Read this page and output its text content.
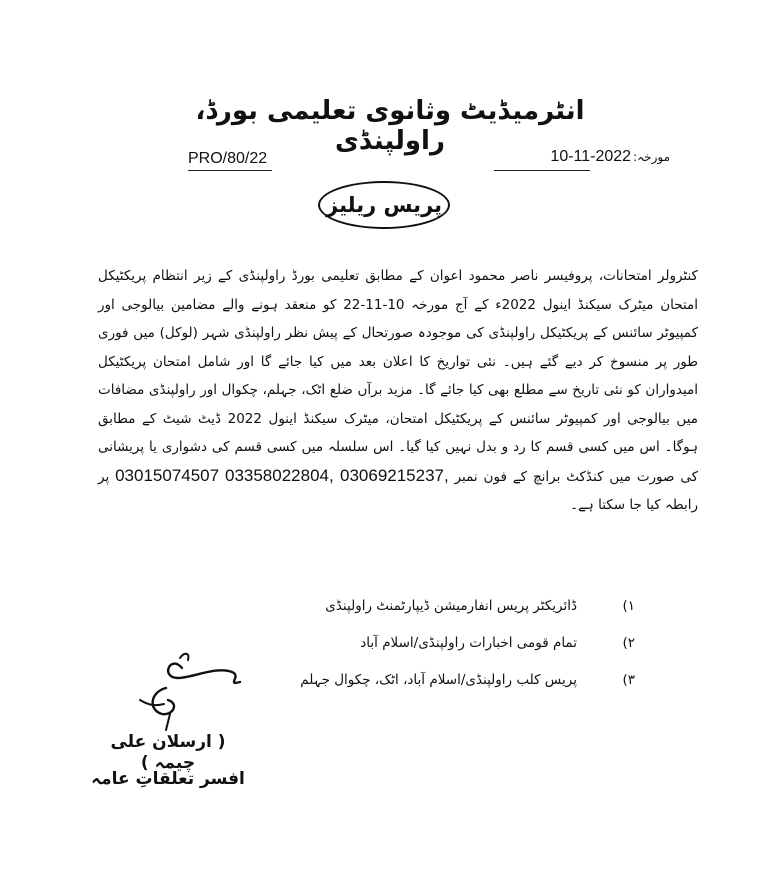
انٹرمیڈیٹ وثانوی تعلیمی بورڈ، راولپنڈی
PRO/80/22	مورخہ:
10-11-2022
پریس ریلیز
کنٹرولر امتحانات، پروفیسر ناصر محمود اعوان کے مطابق تعلیمی بورڈ راولپنڈی کے زیر انتظام پریکٹیکل امتحان میٹرک سیکنڈ اینول 2022ء کے آج مورخہ 10-11-22 کو منعقد ہونے والے مضامین بیالوجی اور کمپیوٹر سائنس کے پریکٹیکل راولپنڈی کی موجودہ صورتحال کے پیش نظر راولپنڈی شہر (لوکل) میں فوری طور پر منسوخ کر دیے گئے ہیں۔ نئی تواریخ کا اعلان بعد میں کیا جائے گا اور شامل امتحان پریکٹیکل امیدواران کو نئی تاریخ سے مطلع بھی کیا جائے گا۔ مزید برآں ضلع اٹک، جہلم، چکوال اور راولپنڈی مضافات میں بیالوجی اور کمپیوٹر سائنس کے پریکٹیکل امتحان، میٹرک سیکنڈ اینول 2022 ڈیٹ شیٹ کے مطابق ہوگا۔ اس میں کسی قسم کا رد و بدل نہیں کیا گیا۔ اس سلسلہ میں کسی قسم کی دشواری یا پریشانی کی صورت میں کنڈکٹ برانچ کے فون نمبر 03358022804, 03069215237, 03015074507 پر رابطہ کیا جا سکتا ہے۔
۱)
ڈائریکٹر پریس انفارمیشن ڈیپارٹمنٹ راولپنڈی
۲)
تمام قومی اخبارات راولپنڈی/اسلام آباد
۳)
پریس کلب راولپنڈی/اسلام آباد، اٹک، چکوال جہلم
( ارسلان علی چیمہ )
افسر تعلقاتِ عامہ
